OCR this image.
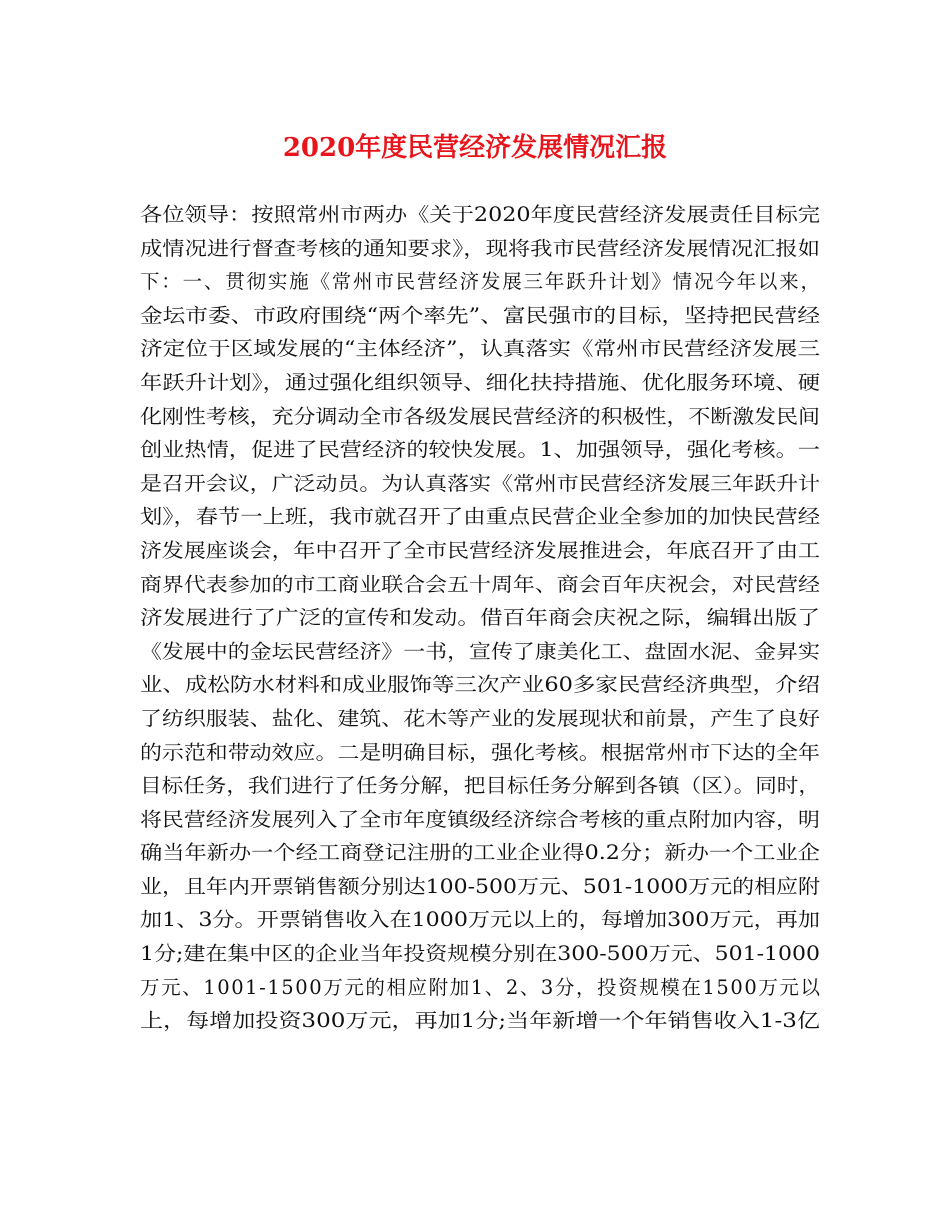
2020年度民营经济发展情况汇报
各位领导：按照常州市两办《关于2020年度民营经济发展责任目标完
成情况进行督查考核的通知要求》，现将我市民营经济发展情况汇报如
下：一、贯彻实施《常州市民营经济发展三年跃升计划》情况今年以来，
金坛市委、市政府围绕“两个率先”、富民强市的目标，坚持把民营经
济定位于区域发展的“主体经济”，认真落实《常州市民营经济发展三
年跃升计划》，通过强化组织领导、细化扶持措施、优化服务环境、硬
化刚性考核，充分调动全市各级发展民营经济的积极性，不断激发民间
创业热情，促进了民营经济的较快发展。1、加强领导，强化考核。一
是召开会议，广泛动员。为认真落实《常州市民营经济发展三年跃升计
划》，春节一上班，我市就召开了由重点民营企业全参加的加快民营经
济发展座谈会，年中召开了全市民营经济发展推进会，年底召开了由工
商界代表参加的市工商业联合会五十周年、商会百年庆祝会，对民营经
济发展进行了广泛的宣传和发动。借百年商会庆祝之际，编辑出版了
《发展中的金坛民营经济》一书，宣传了康美化工、盘固水泥、金昇实
业、成松防水材料和成业服饰等三次产业60多家民营经济典型，介绍
了纺织服装、盐化、建筑、花木等产业的发展现状和前景，产生了良好
的示范和带动效应。二是明确目标，强化考核。根据常州市下达的全年
目标任务，我们进行了任务分解，把目标任务分解到各镇（区）。同时，
将民营经济发展列入了全市年度镇级经济综合考核的重点附加内容，明
确当年新办一个经工商登记注册的工业企业得0.2分；新办一个工业企
业，且年内开票销售额分别达100-500万元、501-1000万元的相应附
加1、3分。开票销售收入在1000万元以上的，每增加300万元，再加
1分;建在集中区的企业当年投资规模分别在300-500万元、501-1000
万元、1001-1500万元的相应附加1、2、3分，投资规模在1500万元以
上，每增加投资300万元，再加1分;当年新增一个年销售收入1-3亿
